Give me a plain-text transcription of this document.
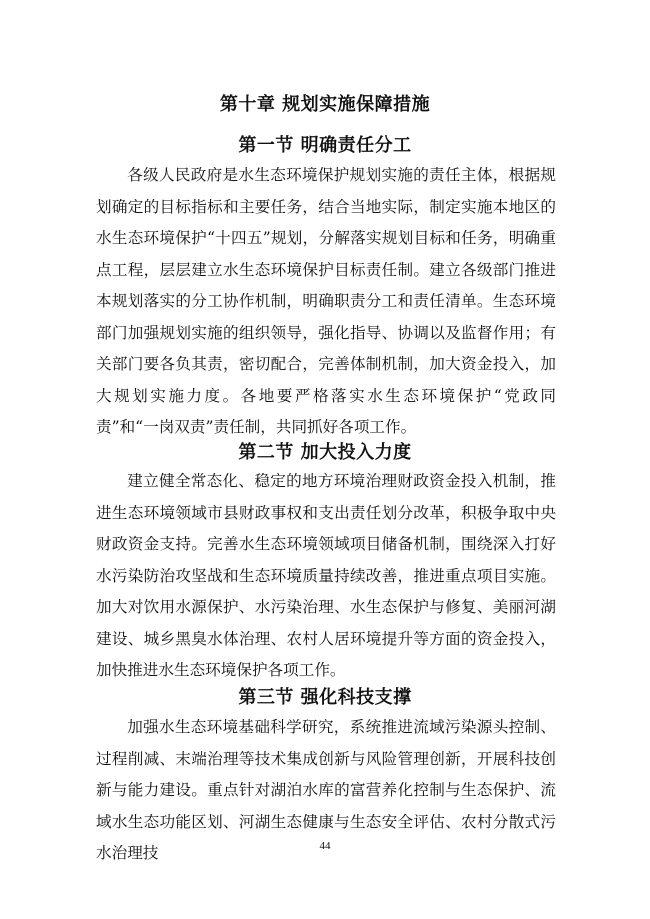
第十章 规划实施保障措施
第一节 明确责任分工

各级人民政府是水生态环境保护规划实施的责任主体，根据规划确定的目标指标和主要任务，结合当地实际，制定实施本地区的水生态环境保护“十四五”规划，分解落实规划目标和任务，明确重点工程，层层建立水生态环境保护目标责任制。建立各级部门推进本规划落实的分工协作机制，明确职责分工和责任清单。生态环境部门加强规划实施的组织领导，强化指导、协调以及监督作用；有关部门要各负其责，密切配合，完善体制机制，加大资金投入，加大规划实施力度。各地要严格落实水生态环境保护“党政同责”和“一岗双责”责任制，共同抓好各项工作。

第二节 加大投入力度

建立健全常态化、稳定的地方环境治理财政资金投入机制，推进生态环境领域市县财政事权和支出责任划分改革，积极争取中央财政资金支持。完善水生态环境领域项目储备机制，围绕深入打好水污染防治攻坚战和生态环境质量持续改善，推进重点项目实施。加大对饮用水源保护、水污染治理、水生态保护与修复、美丽河湖建设、城乡黑臭水体治理、农村人居环境提升等方面的资金投入，加快推进水生态环境保护各项工作。

第三节 强化科技支撑

加强水生态环境基础科学研究，系统推进流域污染源头控制、过程削减、末端治理等技术集成创新与风险管理创新，开展科技创新与能力建设。重点针对湖泊水库的富营养化控制与生态保护、流域水生态功能区划、河湖生态健康与生态安全评估、农村分散式污水治理技	44
